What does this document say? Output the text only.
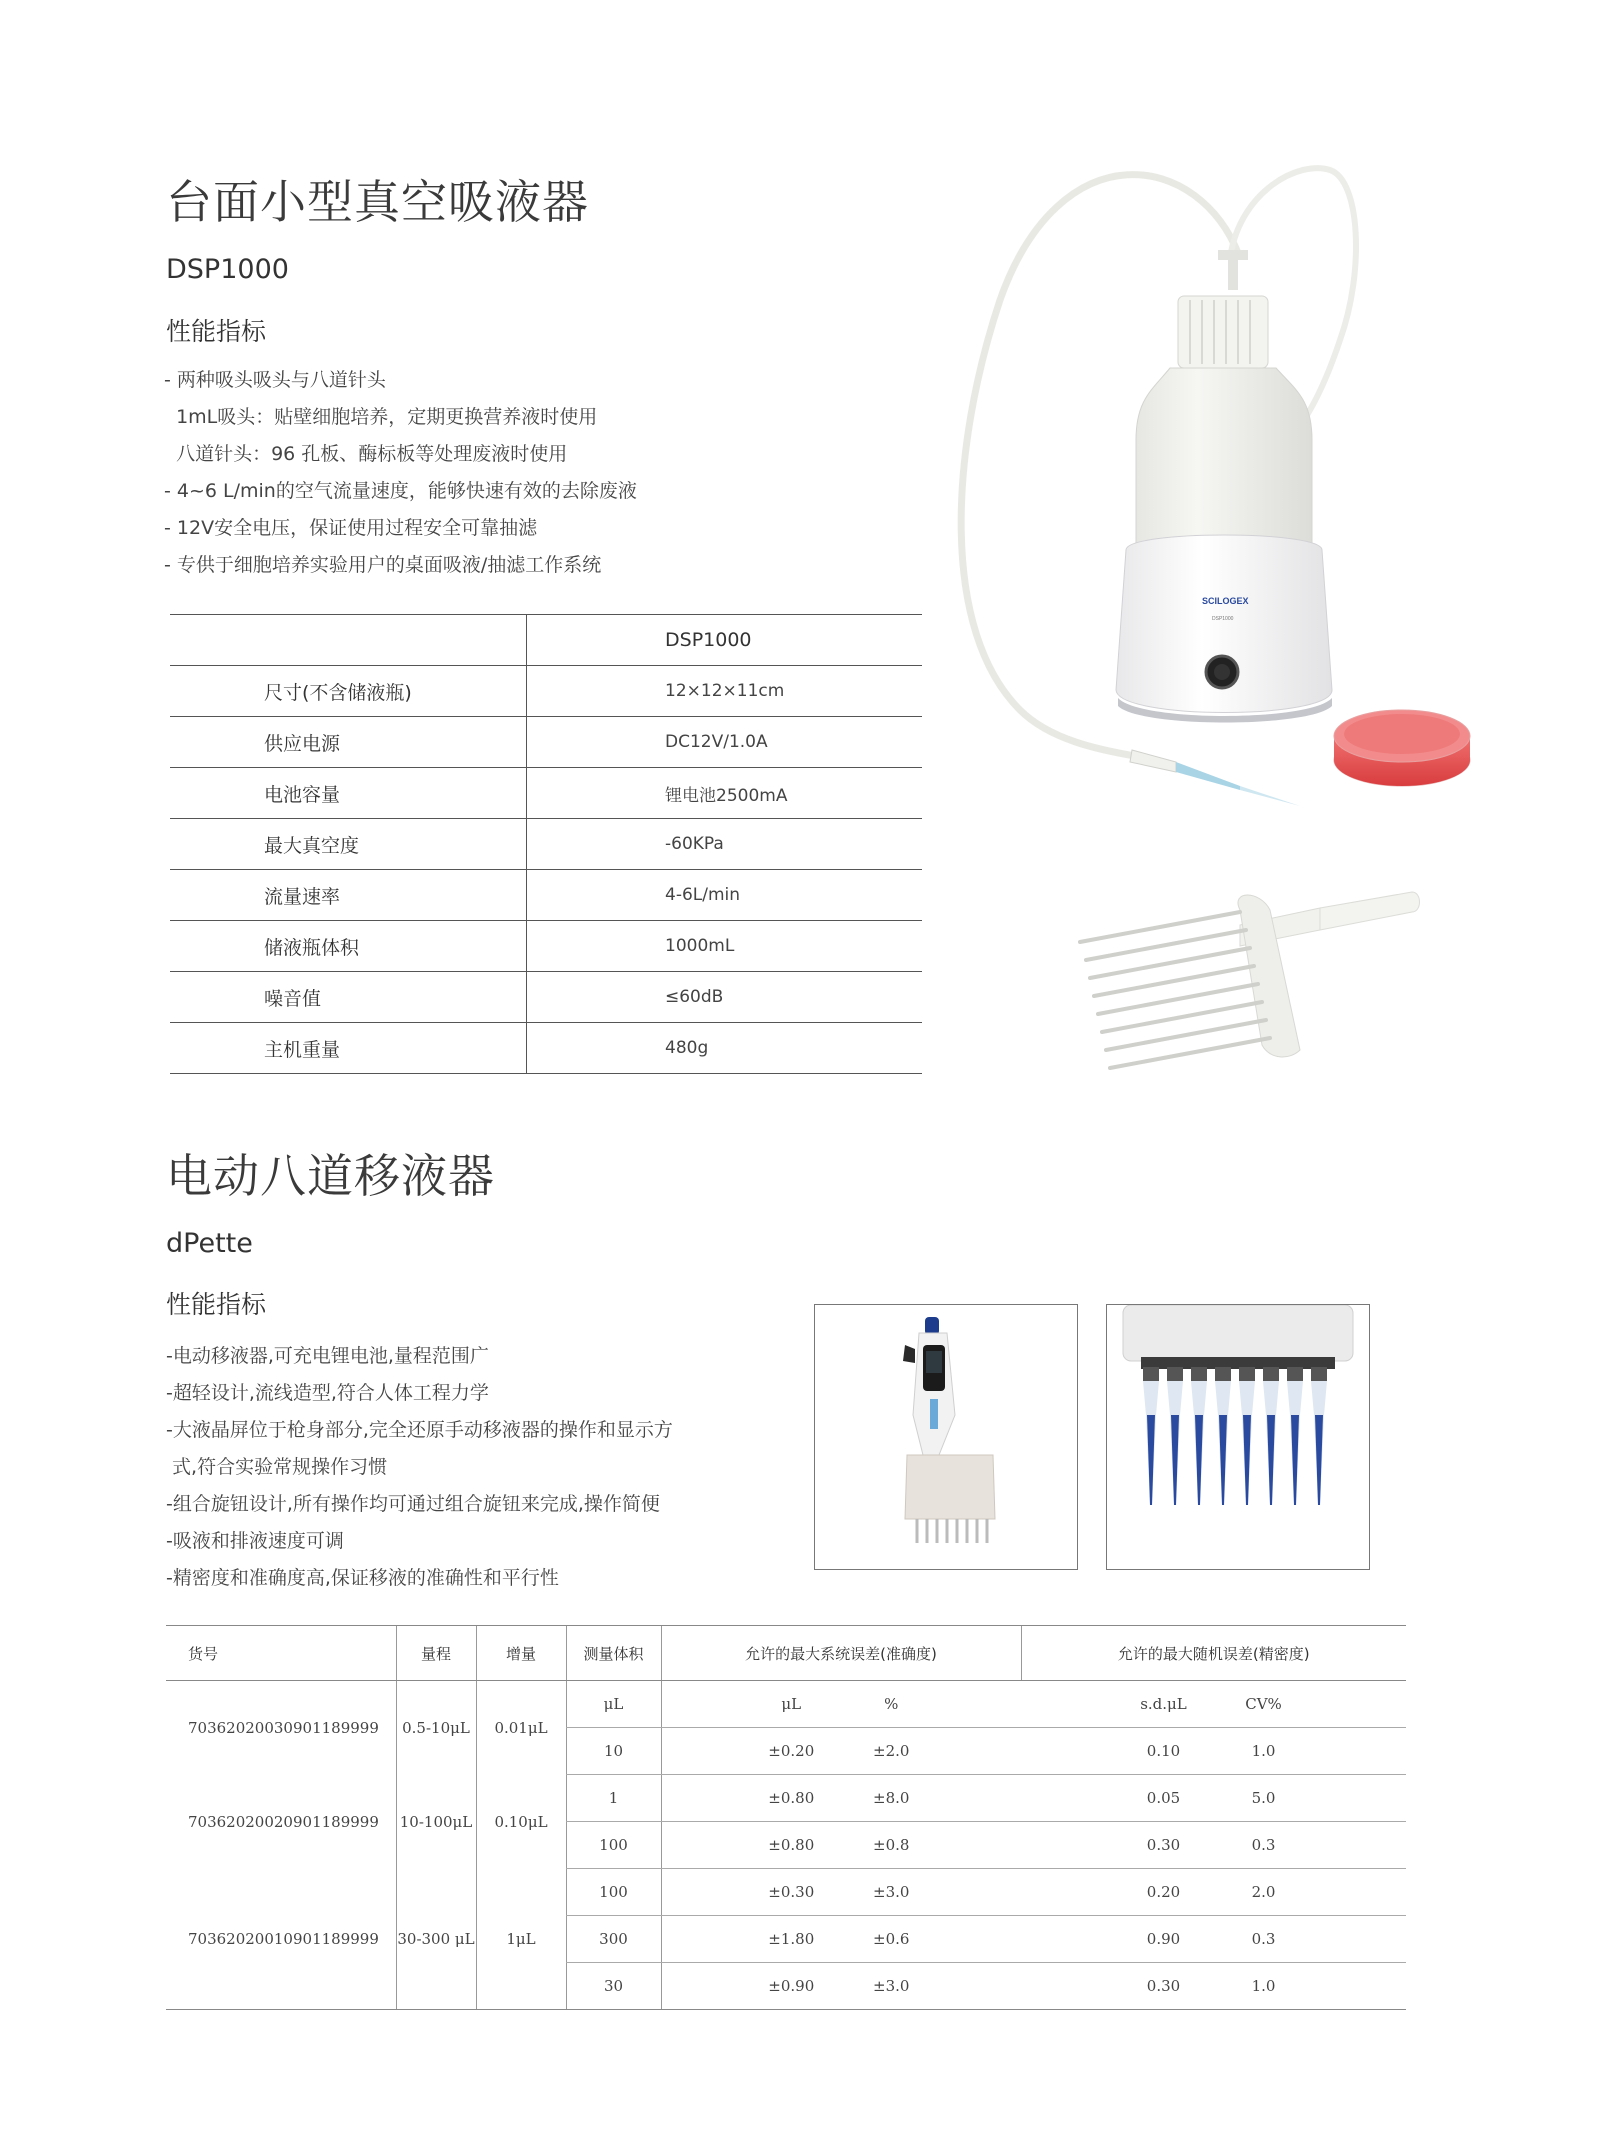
台面小型真空吸液器
DSP1000
性能指标
- 两种吸头吸头与八道针头
1mL吸头：贴壁细胞培养，定期更换营养液时使用
八道针头：96 孔板、酶标板等处理废液时使用
- 4~6 L/min的空气流量速度，能够快速有效的去除废液
- 12V安全电压，保证使用过程安全可靠抽滤
- 专供于细胞培养实验用户的桌面吸液/抽滤工作系统
	DSP1000
尺寸(不含储液瓶)	12×12×11cm
供应电源	DC12V/1.0A
电池容量	锂电池2500mA
最大真空度	-60KPa
流量速率	4-6L/min
储液瓶体积	1000mL
噪音值	≤60dB
主机重量	480g
SCILOGEX
DSP1000
电动八道移液器
dPette
性能指标
-电动移液器,可充电锂电池,量程范围广
-超轻设计,流线造型,符合人体工程力学
-大液晶屏位于枪身部分,完全还原手动移液器的操作和显示方
式,符合实验常规操作习惯
-组合旋钮设计,所有操作均可通过组合旋钮来完成,操作简便
-吸液和排液速度可调
-精密度和准确度高,保证移液的准确性和平行性
货号	量程	增量	测量体积	允许的最大系统误差(准确度)	允许的最大随机误差(精密度)
70362020030901189999	0.5-10μL	0.01μL	μL	μL %	s.d.μL CV%

			10	±0.20 ±2.0	0.10 1.0

70362020020901189999	10-100μL	0.10μL	1	±0.80 ±8.0	0.05 5.0

			100	±0.80 ±0.8	0.30 0.3

70362020010901189999	30-300 μL	1μL	100	±0.30 ±3.0	0.20 2.0

			300	±1.80 ±0.6	0.90 0.3

			30	±0.90 ±3.0	0.30 1.0
